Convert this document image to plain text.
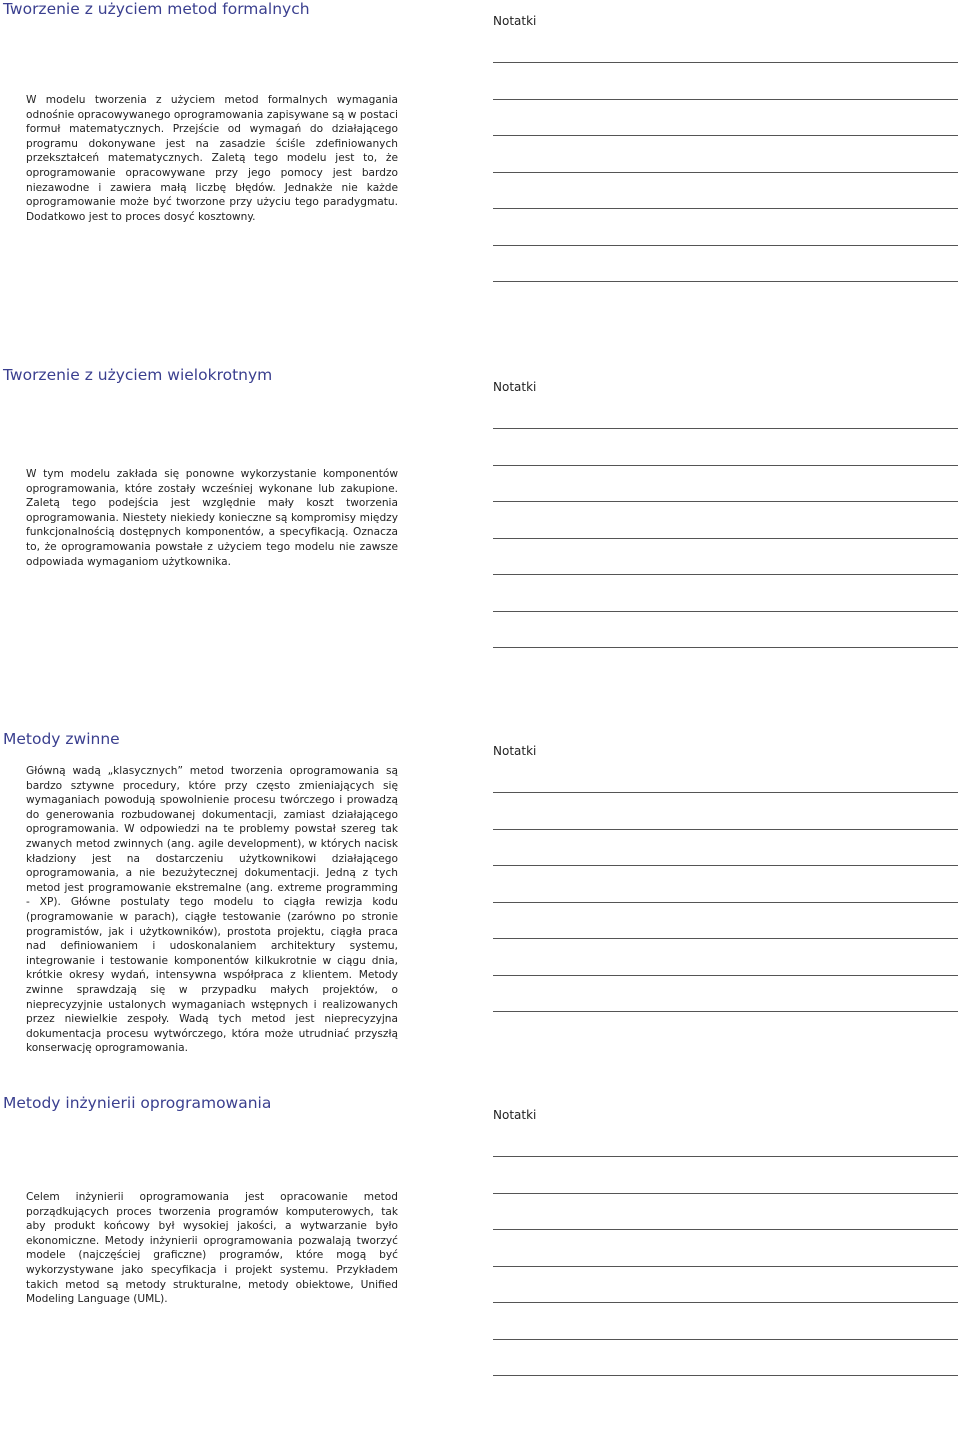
Tworzenie z użyciem metod formalnych
W modelu tworzenia z użyciem metod formalnych wymagania odnośnie opracowywanego oprogramowania zapisywane są w postaci formuł matematycznych. Przejście od wymagań do działającego programu dokonywane jest na zasadzie ściśle zdefiniowanych przekształceń matematycznych. Zaletą tego modelu jest to, że oprogramowanie opracowywane przy jego pomocy jest bardzo niezawodne i zawiera małą liczbę błędów. Jednakże nie każde oprogramowanie może być tworzone przy użyciu tego paradygmatu. Dodatkowo jest to proces dosyć kosztowny.
Notatki
Tworzenie z użyciem wielokrotnym
W tym modelu zakłada się ponowne wykorzystanie komponentów oprogramowania, które zostały wcześniej wykonane lub zakupione. Zaletą tego podejścia jest względnie mały koszt tworzenia oprogramowania. Niestety niekiedy konieczne są kompromisy między funkcjonalnością dostępnych komponentów, a specyfikacją. Oznacza to, że oprogramowania powstałe z użyciem tego modelu nie zawsze odpowiada wymaganiom użytkownika.
Notatki
Metody zwinne
Główną wadą „klasycznych” metod tworzenia oprogramowania są bardzo sztywne procedury, które przy często zmieniających się wymaganiach powodują spowolnienie procesu twórczego i prowadzą do generowania rozbudowanej dokumentacji, zamiast działającego oprogramowania. W odpowiedzi na te problemy powstał szereg tak zwanych metod zwinnych (ang. agile development), w których nacisk kładziony jest na dostarczeniu użytkownikowi działającego oprogramowania, a nie bezużytecznej dokumentacji. Jedną z tych metod jest programowanie ekstremalne (ang. extreme programming - XP). Główne postulaty tego modelu to ciągła rewizja kodu (programowanie w parach), ciągłe testowanie (zarówno po stronie programistów, jak i użytkowników), prostota projektu, ciągła praca nad definiowaniem i udoskonalaniem architektury systemu, integrowanie i testowanie komponentów kilkukrotnie w ciągu dnia, krótkie okresy wydań, intensywna współpraca z klientem. Metody zwinne sprawdzają się w przypadku małych projektów, o nieprecyzyjnie ustalonych wymaganiach wstępnych i realizowanych przez niewielkie zespoły. Wadą tych metod jest nieprecyzyjna dokumentacja procesu wytwórczego, która może utrudniać przyszłą konserwację oprogramowania.
Notatki
Metody inżynierii oprogramowania
Celem inżynierii oprogramowania jest opracowanie metod porządkujących proces tworzenia programów komputerowych, tak aby produkt końcowy był wysokiej jakości, a wytwarzanie było ekonomiczne. Metody inżynierii oprogramowania pozwalają tworzyć modele (najczęściej graficzne) programów, które mogą być wykorzystywane jako specyfikacja i projekt systemu. Przykładem takich metod są metody strukturalne, metody obiektowe, Unified Modeling Language (UML).
Notatki
